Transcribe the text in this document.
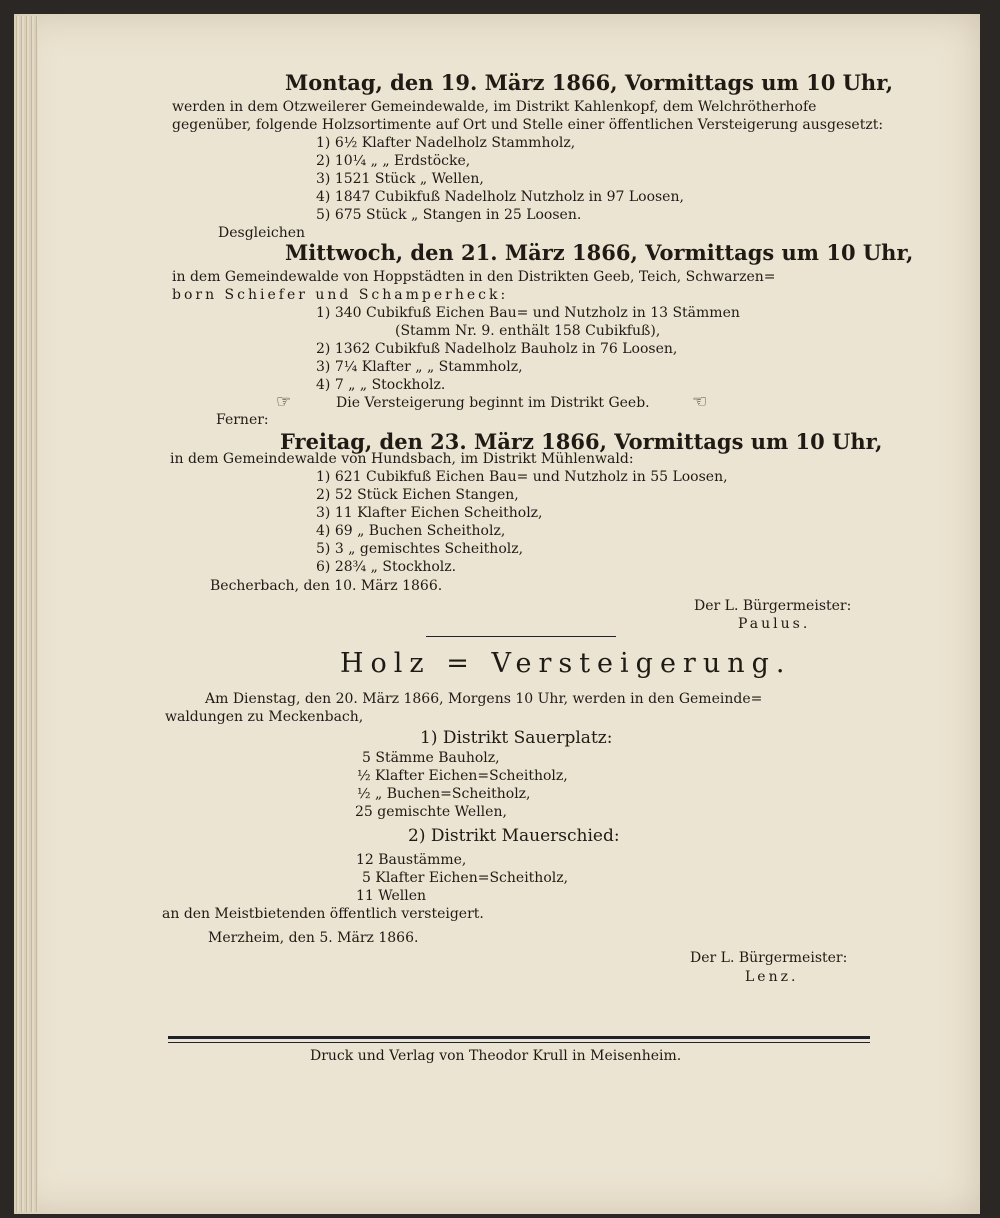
Montag, den 19. März 1866, Vormittags um 10 Uhr,
werden in dem Otzweilerer Gemeindewalde, im Distrikt Kahlenkopf, dem Welchrötherhofe
gegenüber, folgende Holzsortimente auf Ort und Stelle einer öffentlichen Versteigerung ausgesetzt:
1) 6½ Klafter Nadelholz Stammholz,
2) 10¼ „ „ Erdstöcke,
3) 1521 Stück „ Wellen,
4) 1847 Cubikfuß Nadelholz Nutzholz in 97 Loosen,
5) 675 Stück „ Stangen in 25 Loosen.
Desgleichen
Mittwoch, den 21. März 1866, Vormittags um 10 Uhr,
in dem Gemeindewalde von Hoppstädten in den Distrikten Geeb, Teich, Schwarzen=
born Schiefer und Schamperheck:
1) 340 Cubikfuß Eichen Bau= und Nutzholz in 13 Stämmen
(Stamm Nr. 9. enthält 158 Cubikfuß),
2) 1362 Cubikfuß Nadelholz Bauholz in 76 Loosen,
3) 7¼ Klafter „ „ Stammholz,
4) 7 „ „ Stockholz.
☞	Die Versteigerung beginnt im Distrikt Geeb. ☜
Ferner:
Freitag, den 23. März 1866, Vormittags um 10 Uhr,
in dem Gemeindewalde von Hundsbach, im Distrikt Mühlenwald:
1) 621 Cubikfuß Eichen Bau= und Nutzholz in 55 Loosen,
2) 52 Stück Eichen Stangen,
3) 11 Klafter Eichen Scheitholz,
4) 69 „ Buchen Scheitholz,
5) 3 „ gemischtes Scheitholz,
6) 28¾ „ Stockholz.
Becherbach, den 10. März 1866.
Der L. Bürgermeister:
Paulus.
Holz = Versteigerung.
Am Dienstag, den 20. März 1866, Morgens 10 Uhr, werden in den Gemeinde=
waldungen zu Meckenbach,
1) Distrikt Sauerplatz:
5 Stämme Bauholz,
½ Klafter Eichen=Scheitholz,
½ „ Buchen=Scheitholz,
25 gemischte Wellen,
2) Distrikt Mauerschied:
12 Baustämme,
5 Klafter Eichen=Scheitholz,
11 Wellen
an den Meistbietenden öffentlich versteigert.
Merzheim, den 5. März 1866.
Der L. Bürgermeister:
Lenz.
Druck und Verlag von Theodor Krull in Meisenheim.
